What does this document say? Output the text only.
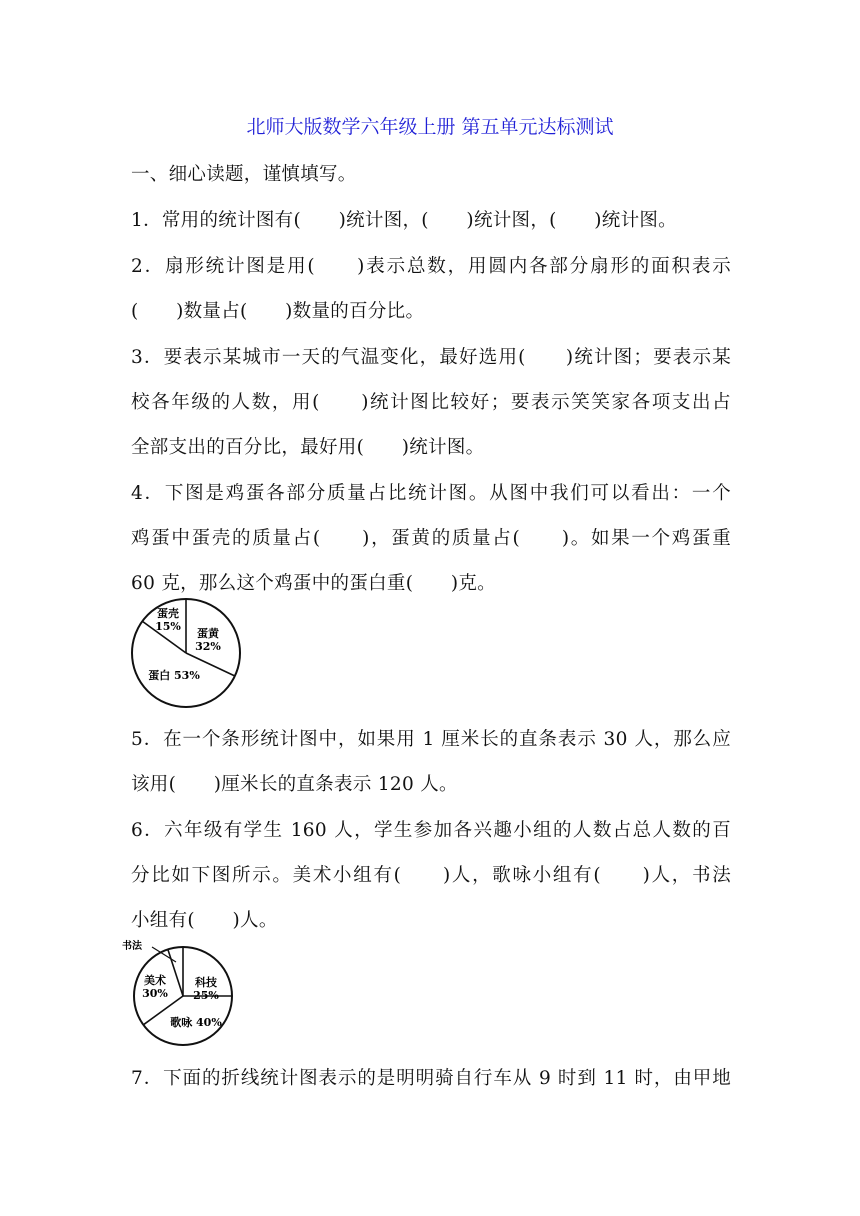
北师大版数学六年级上册 第五单元达标测试
一、细心读题，谨慎填写。
1．常用的统计图有(　　)统计图，(　　)统计图，(　　)统计图。
2．扇形统计图是用(　　)表示总数，用圆内各部分扇形的面积表示
(　　)数量占(　　)数量的百分比。
3．要表示某城市一天的气温变化，最好选用(　　)统计图；要表示某
校各年级的人数，用(　　)统计图比较好；要表示笑笑家各项支出占
全部支出的百分比，最好用(　　)统计图。
4．下图是鸡蛋各部分质量占比统计图。从图中我们可以看出：一个
鸡蛋中蛋壳的质量占(　　)，蛋黄的质量占(　　)。如果一个鸡蛋重
60 克，那么这个鸡蛋中的蛋白重(　　)克。
蛋壳
15%
蛋黄
32%
蛋白 53%
5．在一个条形统计图中，如果用 1 厘米长的直条表示 30 人，那么应
该用(　　)厘米长的直条表示 120 人。
6．六年级有学生 160 人，学生参加各兴趣小组的人数占总人数的百
分比如下图所示。美术小组有(　　)人，歌咏小组有(　　)人，书法
小组有(　　)人。
书法
科技
25%
歌咏 40%
美术
30%
7．下面的折线统计图表示的是明明骑自行车从 9 时到 11 时，由甲地
